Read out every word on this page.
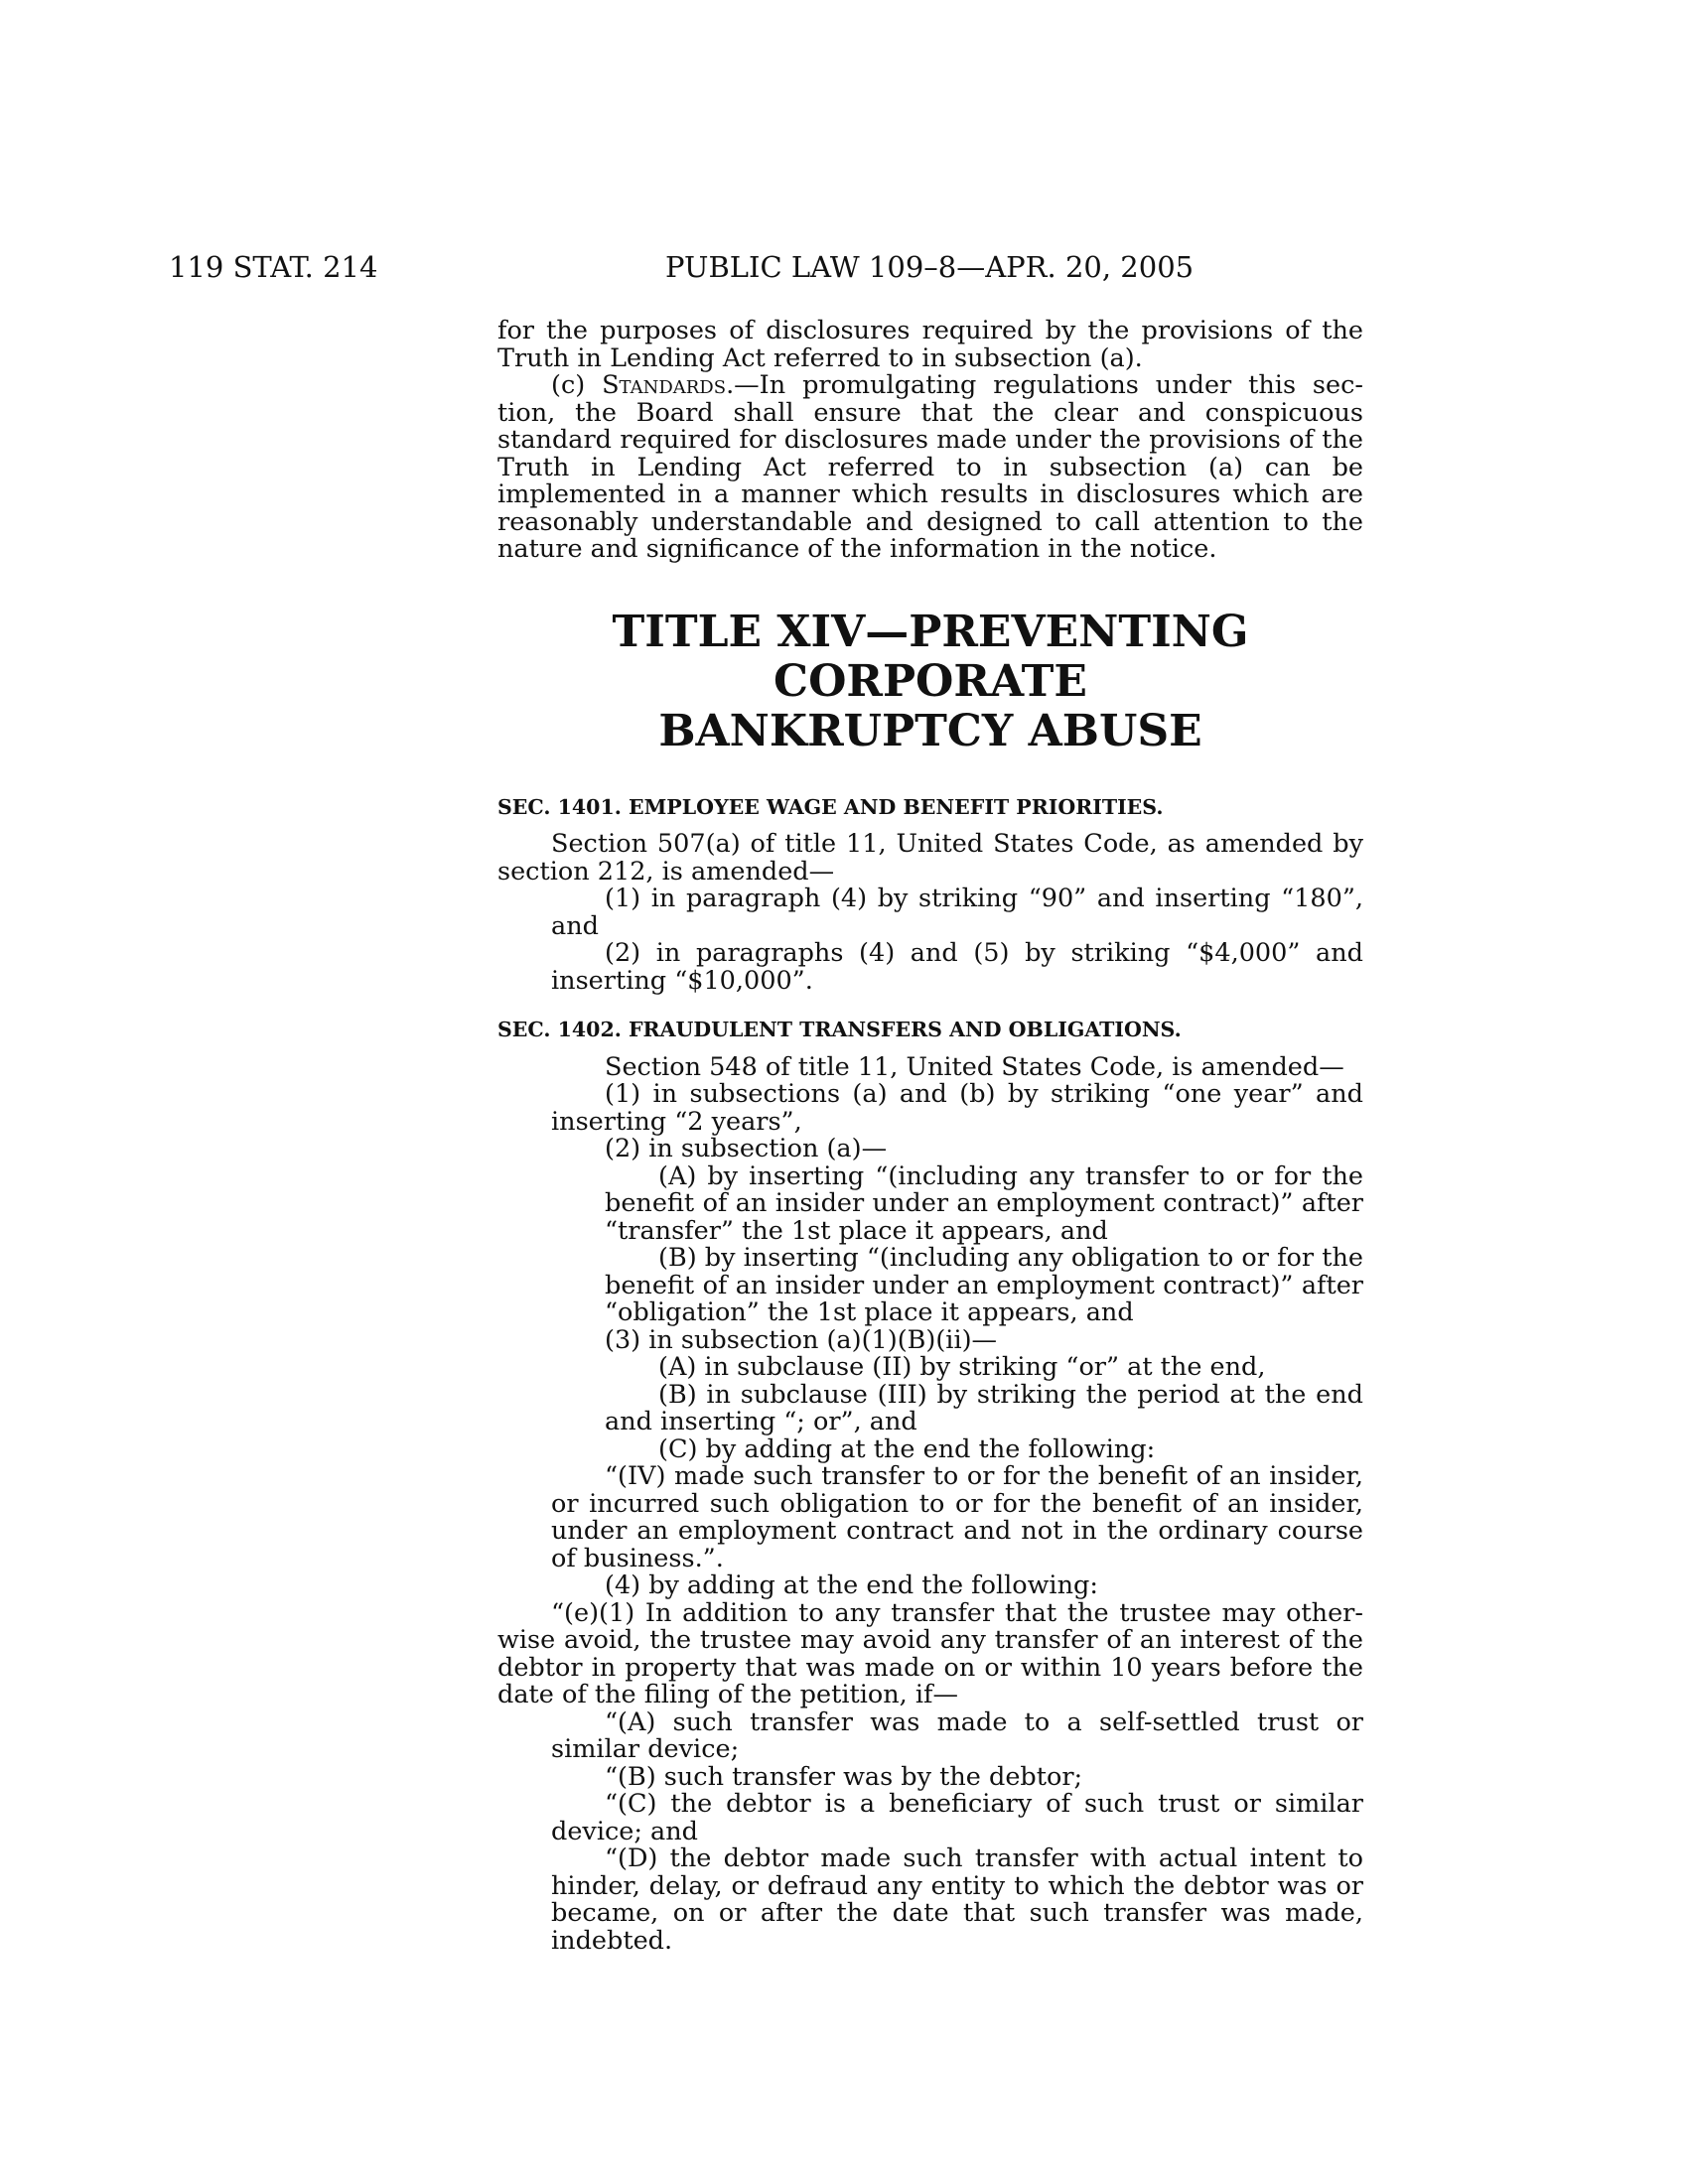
119 STAT. 214	PUBLIC LAW 109–8—APR. 20, 2005

for the purposes of disclosures required by the provisions of the Truth in Lending Act referred to in subsection (a).

(c) Standards.—In promulgating regulations under this sec- tion, the Board shall ensure that the clear and conspicuous standard required for disclosures made under the provisions of the Truth in Lending Act referred to in subsection (a) can be implemented in a manner which results in disclosures which are reasonably understandable and designed to call attention to the nature and significance of the information in the notice.

TITLE XIV—PREVENTING CORPORATE
BANKRUPTCY ABUSE

SEC. 1401. EMPLOYEE WAGE AND BENEFIT PRIORITIES.

Section 507(a) of title 11, United States Code, as amended by section 212, is amended—

(1) in paragraph (4) by striking “90” and inserting “180”, and

(2) in paragraphs (4) and (5) by striking “$4,000” and inserting “$10,000”.

SEC. 1402. FRAUDULENT TRANSFERS AND OBLIGATIONS.

Section 548 of title 11, United States Code, is amended—

(1) in subsections (a) and (b) by striking “one year” and inserting “2 years”,

(2) in subsection (a)—

(A) by inserting “(including any transfer to or for the benefit of an insider under an employment contract)” after “transfer” the 1st place it appears, and

(B) by inserting “(including any obligation to or for the benefit of an insider under an employment contract)” after “obligation” the 1st place it appears, and

(3) in subsection (a)(1)(B)(ii)—

(A) in subclause (II) by striking “or” at the end,

(B) in subclause (III) by striking the period at the end and inserting “; or”, and

(C) by adding at the end the following:

“(IV) made such transfer to or for the benefit of an insider, or incurred such obligation to or for the benefit of an insider, under an employment contract and not in the ordinary course of business.”.

(4) by adding at the end the following:

“(e)(1) In addition to any transfer that the trustee may other- wise avoid, the trustee may avoid any transfer of an interest of the debtor in property that was made on or within 10 years before the date of the filing of the petition, if—

“(A) such transfer was made to a self-settled trust or similar device;

“(B) such transfer was by the debtor;

“(C) the debtor is a beneficiary of such trust or similar device; and

“(D) the debtor made such transfer with actual intent to hinder, delay, or defraud any entity to which the debtor was or became, on or after the date that such transfer was made, indebted.
